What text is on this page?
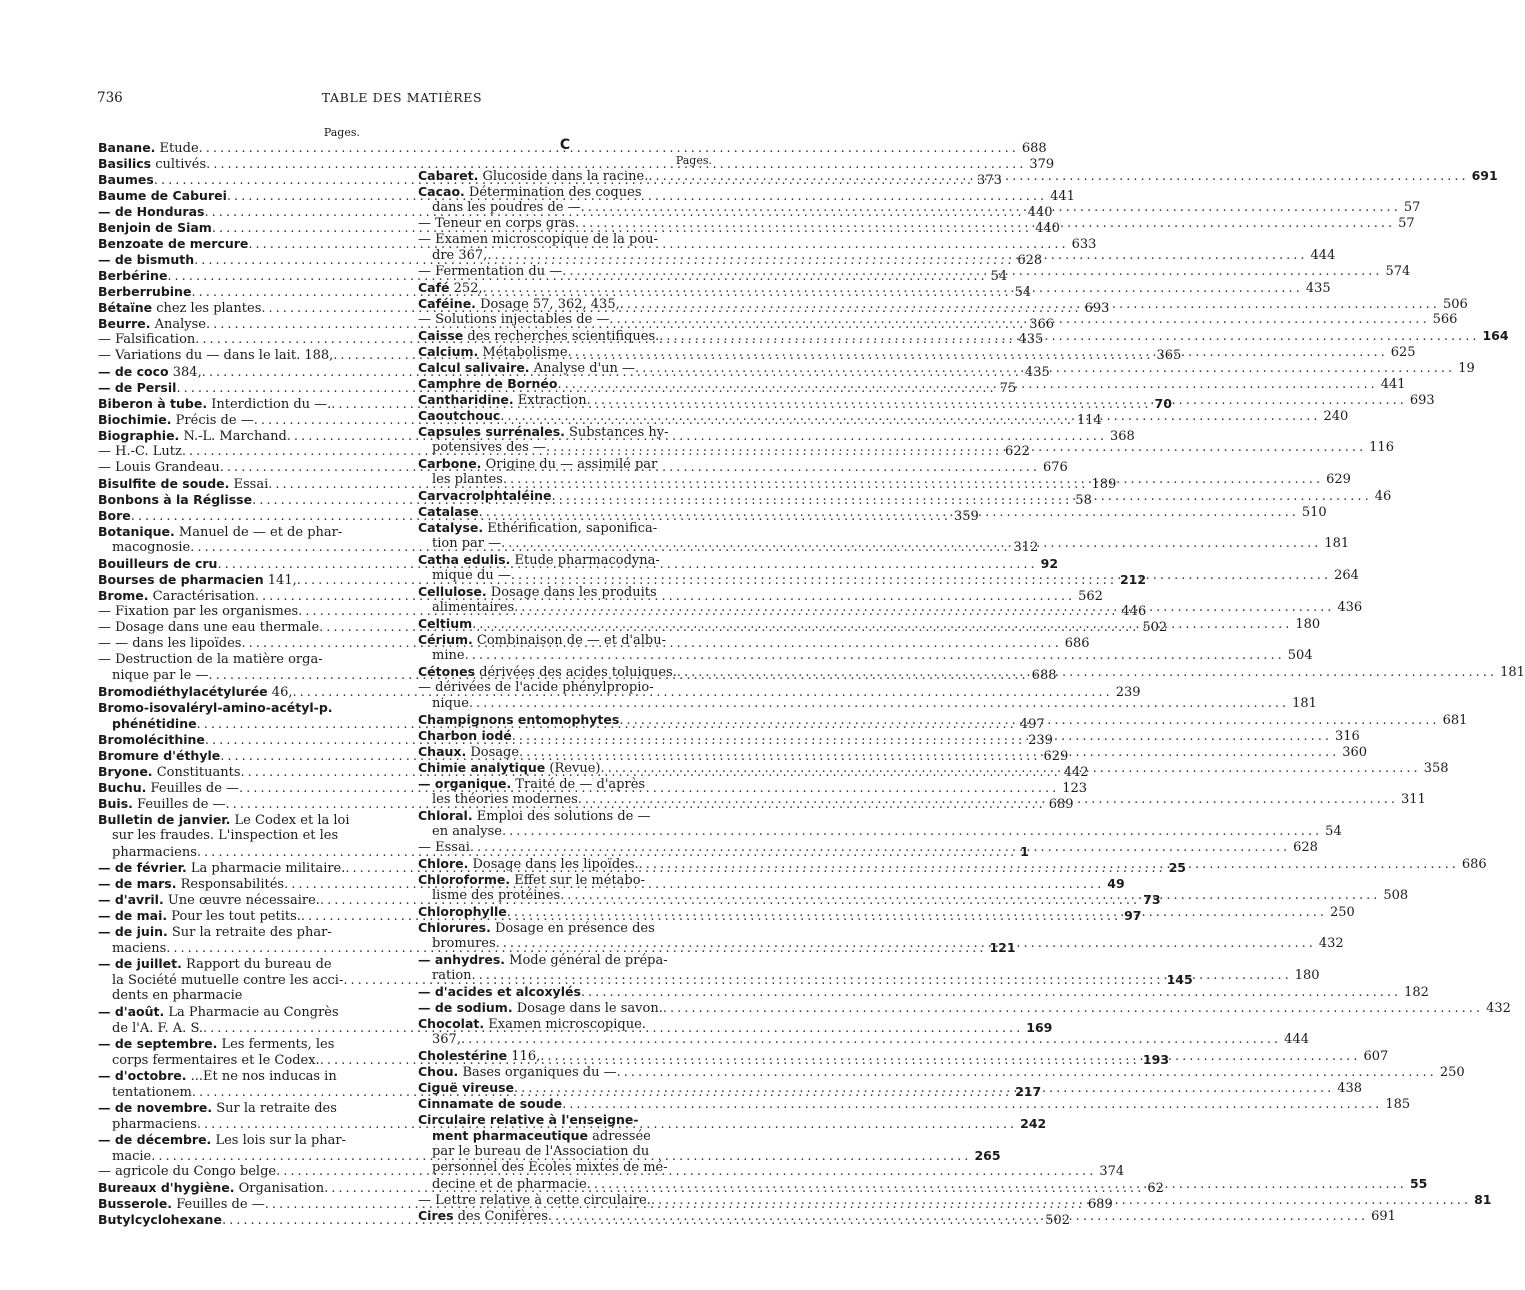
736	TABLE DES MATIÈRES
Pages.
Banane. Etude .....	688
Basilics cultivés .....	379
Baumes .....	373
Baume de Caburei .....	441
— de Honduras .....	440
Benjoin de Siam .....	440
Benzoate de mercure .....	633
— de bismuth .....	628
Berbérine .....	54
Berberrubine .....	54
Bétaïne chez les plantes .....	693
Beurre. Analyse .....	366
— Falsification .....	435
— Variations du — dans le lait. 188, .....	365
— de coco 384, .....	435
— de Persil .....	75
Biberon à tube. Interdiction du —. .....	70
Biochimie. Précis de — .....	114
Biographie. N.-L. Marchand .....	368
— H.-C. Lutz .....	622
— Louis Grandeau .....	676
Bisulfite de soude. Essai .....	189
Bonbons à la Réglisse .....	58
Bore .....	359
Botanique. Manuel de — et de phar-
macognosie .....	312
Bouilleurs de cru .....	92
Bourses de pharmacien 141, .....	212
Brome. Caractérisation .....	562
— Fixation par les organismes .....	446
— Dosage dans une eau thermale .....	502
— — dans les lipoïdes .....	686
— Destruction de la matière orga-
nique par le — .....	688
Bromodiéthylacétylurée 46, .....	239
Bromo-isovaléryl-amino-acétyl-p.
phénétidine .....	497
Bromolécithine .....	239
Bromure d'éthyle .....	629
Bryone. Constituants .....	442
Buchu. Feuilles de — .....	123
Buis. Feuilles de — .....	689
Bulletin de janvier. Le Codex et la loi
sur les fraudes. L'inspection et les
pharmaciens .....	1
— de février. La pharmacie militaire. .....	25
— de mars. Responsabilités .....	49
— d'avril. Une œuvre nécessaire. .....	73
— de mai. Pour les tout petits. .....	97
— de juin. Sur la retraite des phar-
maciens .....	121
— de juillet. Rapport du bureau de
la Société mutuelle contre les acci- .....	145
dents en pharmacie
— d'août. La Pharmacie au Congrès
de l'A. F. A. S. .....	169
— de septembre. Les ferments, les
corps fermentaires et le Codex. .....	193
— d'octobre. ...Et ne nos inducas in
tentationem .....	217
— de novembre. Sur la retraite des
pharmaciens .....	242
— de décembre. Les lois sur la phar-
macie .....	265
— agricole du Congo belge .....	374
Bureaux d'hygiène. Organisation .....	62
Busserole. Feuilles de — .....	689
Butylcyclohexane .....	502
C
Pages.
Cabaret. Glucoside dans la racine. .....	691
Cacao. Détermination des coques
dans les poudres de — .....	57
— Teneur en corps gras .....	57
— Examen microscopique de la pou-
dre 367, .....	444
— Fermentation du — .....	574
Café 252, .....	435
Caféine. Dosage 57, 362, 435, .....	506
— Solutions injectables de — .....	566
Caisse des recherches scientifiques. .....	164
Calcium. Métabolisme .....	625
Calcul salivaire. Analyse d'un — .....	19
Camphre de Bornéo .....	441
Cantharidine. Extraction .....	693
Caoutchouc .....	240
Capsules surrénales. Substances hy-
potensives des — .....	116
Carbone. Origine du — assimilé par
les plantes .....	629
Carvacrolphtaléine .....	46
Catalase .....	510
Catalyse. Ethérification, saponifica-
tion par — .....	181
Catha edulis. Etude pharmacodyna-
mique du — .....	264
Cellulose. Dosage dans les produits
alimentaires .....	436
Celtium .....	180
Cérium. Combinaison de — et d'albu-
mine .....	504
Cétones dérivées des acides toluiques. .....	181
— dérivées de l'acide phénylpropio-
nique .....	181
Champignons entomophytes .....	681
Charbon iodé .....	316
Chaux. Dosage .....	360
Chimie analytique (Revue) .....	358
— organique. Traité de — d'après
les théories modernes .....	311
Chloral. Emploi des solutions de —
en analyse .....	54
— Essai .....	628
Chlore. Dosage dans les lipoïdes. .....	686
Chloroforme. Effet sur le métabo-
lisme des protéines .....	508
Chlorophylle .....	250
Chlorures. Dosage en présence des
bromures .....	432
— anhydres. Mode général de prépa-
ration .....	180
— d'acides et alcoxylés .....	182
— de sodium. Dosage dans le savon. .....	432
Chocolat. Examen microscopique.
367, .....	444
Cholestérine 116, .....	607
Chou. Bases organiques du — .....	250
Ciguë vireuse .....	438
Cinnamate de soude .....	185
Circulaire relative à l'enseigne-
ment pharmaceutique adressée
par le bureau de l'Association du
personnel des Ecoles mixtes de mé-
decine et de pharmacie .....	55
— Lettre relative à cette circulaire. .....	81
Cires des Conifères .....	691
